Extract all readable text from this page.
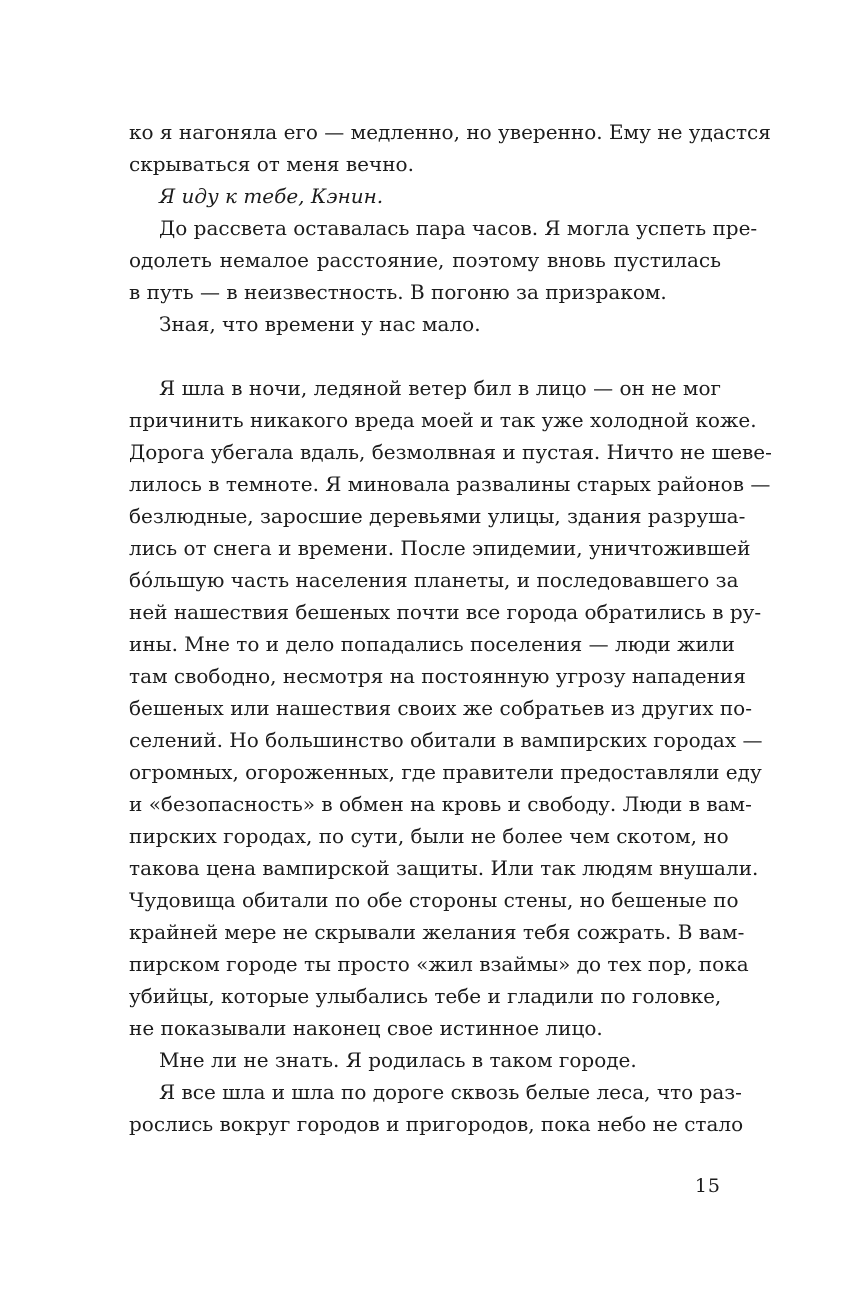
ко я нагоняла его — медленно, но уверенно. Ему не удастся
скрываться от меня вечно.
Я иду к тебе, Кэнин.
До рассвета оставалась пара часов. Я могла успеть пре-
одолеть немалое расстояние, поэтому вновь пустилась
в путь — в неизвестность. В погоню за призраком.
Зная, что времени у нас мало.
Я шла в ночи, ледяной ветер бил в лицо — он не мог
причинить никакого вреда моей и так уже холодной коже.
Дорога убегала вдаль, безмолвная и пустая. Ничто не шеве-
лилось в темноте. Я миновала развалины старых районов —
безлюдные, заросшие деревьями улицы, здания разруша-
лись от снега и времени. После эпидемии, уничтожившей
бóльшую часть населения планеты, и последовавшего за
ней нашествия бешеных почти все города обратились в ру-
ины. Мне то и дело попадались поселения — люди жили
там свободно, несмотря на постоянную угрозу нападения
бешеных или нашествия своих же собратьев из других по-
селений. Но большинство обитали в вампирских городах —
огромных, огороженных, где правители предоставляли еду
и «безопасность» в обмен на кровь и свободу. Люди в вам-
пирских городах, по сути, были не более чем скотом, но
такова цена вампирской защиты. Или так людям внушали.
Чудовища обитали по обе стороны стены, но бешеные по
крайней мере не скрывали желания тебя сожрать. В вам-
пирском городе ты просто «жил взаймы» до тех пор, пока
убийцы, которые улыбались тебе и гладили по головке,
не показывали наконец свое истинное лицо.
Мне ли не знать. Я родилась в таком городе.
Я все шла и шла по дороге сквозь белые леса, что раз-
рослись вокруг городов и пригородов, пока небо не стало
15
